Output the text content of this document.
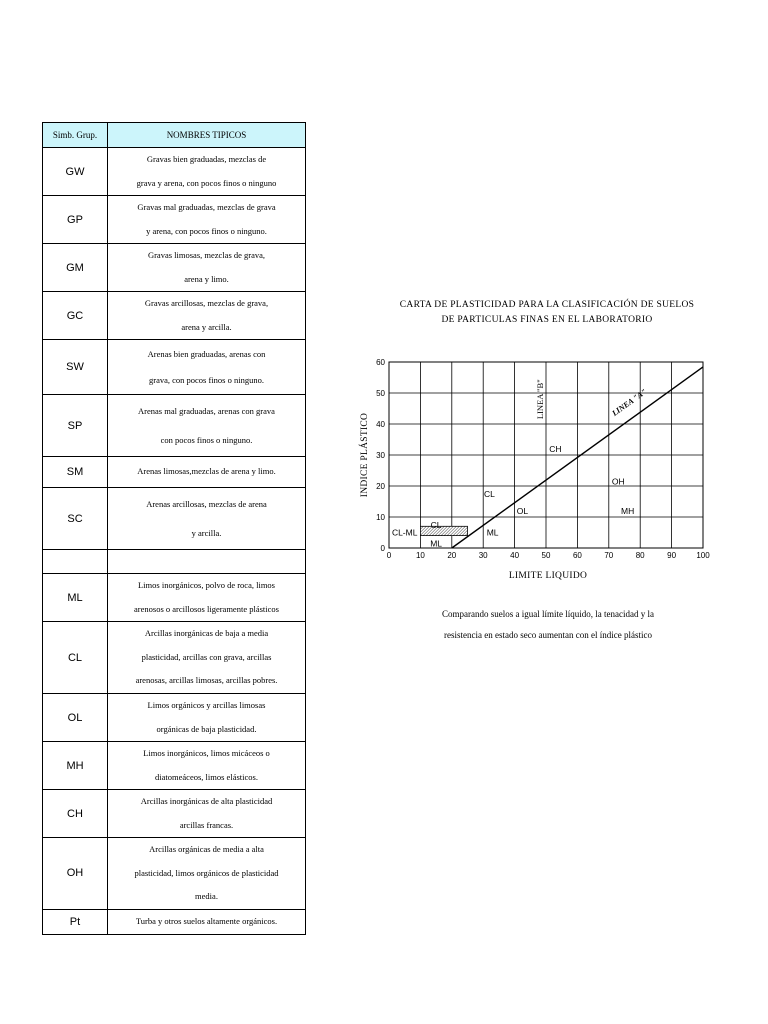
Simb. Grup.	NOMBRES TIPICOS
GW	Gravas bien graduadas, mezclas de
grava y arena, con pocos finos o ninguno

GP	Gravas mal graduadas, mezclas de grava
y arena, con pocos finos o ninguno.

GM	Gravas limosas, mezclas de grava,
arena y limo.

GC	Gravas arcillosas, mezclas de grava,
arena y arcilla.

SW	Arenas bien graduadas, arenas con
grava, con pocos finos o ninguno.

SP	Arenas mal graduadas, arenas con grava
con pocos finos o ninguno.

SM	Arenas limosas,mezclas de arena y limo.

SC	Arenas arcillosas, mezclas de arena
y arcilla.

ML	Limos inorgánicos, polvo de roca, limos
arenosos o arcillosos ligeramente plásticos

CL	Arcillas inorgánicas de baja a media
plasticidad, arcillas con grava, arcillas
arenosas, arcillas limosas, arcillas pobres.

OL	Limos orgánicos y arcillas limosas
orgánicas de baja plasticidad.

MH	Limos inorgánicos, limos micáceos o
diatomeáceos, limos elásticos.

CH	Arcillas inorgánicas de alta plasticidad
arcillas francas.

OH	Arcillas orgánicas de media a alta
plasticidad, limos orgánicos de plasticidad
media.

Pt	Turba y otros suelos altamente orgánicos.
CARTA DE PLASTICIDAD PARA LA CLASIFICACIÓN DE SUELOS
DE PARTICULAS FINAS EN EL LABORATORIO
LINEA "A"
LINEA "B"
0	10	20	30	40	50	60	70	80	90	100
0
10
20
30
40
50
60
CH
CL
OL
OH
MH
CL-ML
CL
ML
ML
LIMITE LIQUIDO
INDICE PLÁSTICO
Comparando suelos a igual límite líquido, la tenacidad y la
resistencia en estado seco aumentan con el índice plástico
